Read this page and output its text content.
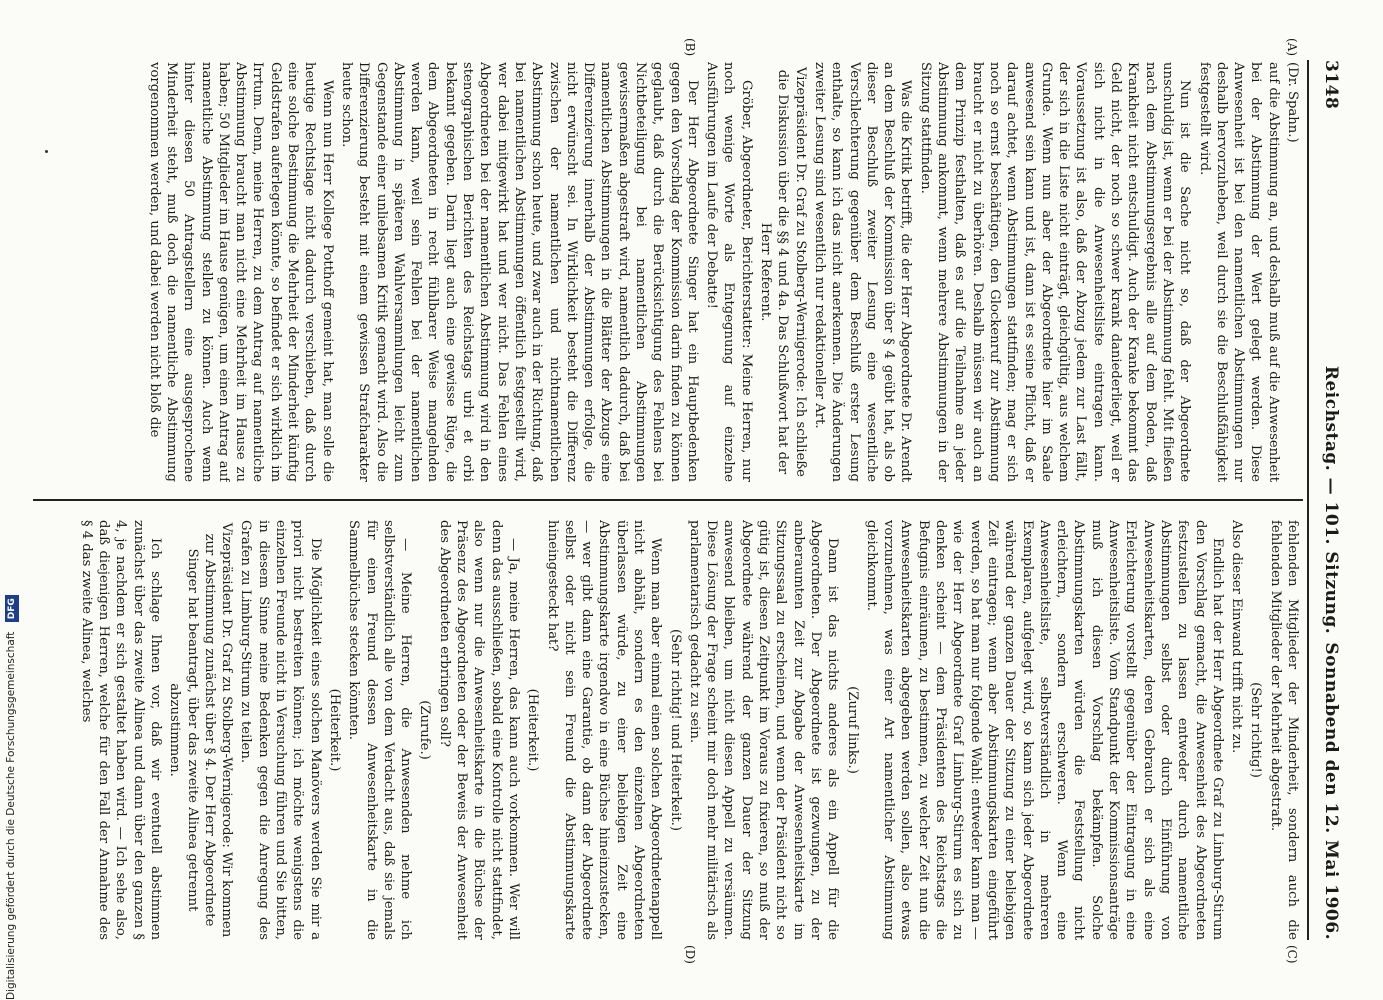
3148
Reichstag. — 101. Sitzung.
Sonnabend den 12. Mai 1906.
(A)
(B)
(C)
(D)

(Dr. Spahn.)

auf die Abstimmung an, und deshalb muß auf die Anwesenheit bei der Abstimmung der Wert gelegt werden. Diese Anwesenheit ist bei den namentlichen Abstimmungen nur deshalb hervorzuheben, weil durch sie die Beschlußfähigkeit festgestellt wird.

Nun ist die Sache nicht so, daß der Abgeordnete unschuldig ist, wenn er bei der Abstimmung fehlt. Mit fließen nach dem Abstimmungsergebnis alle auf dem Boden, daß Krankheit nicht entschuldigt. Auch der Kranke bekommt das Geld nicht, der noch so schwer krank daniederliegt, weil er sich nicht in die Anwesenheitsliste eintragen kann. Voraussetzung ist also, daß der Abzug jedem zur Last fällt, der sich in die Liste nicht einträgt, gleichgültig, aus welchem Grunde. Wenn nun aber der Abgeordnete hier im Saale anwesend sein kann und ist, dann ist es seine Pflicht, daß er darauf achtet, wenn Abstimmungen stattfinden; mag er sich noch so ernst beschäftigen, den Glockenruf zur Abstimmung braucht er nicht zu überhören. Deshalb müssen wir auch an dem Prinzip festhalten, daß es auf die Teilnahme an jeder Abstimmung ankommt, wenn mehrere Abstimmungen in der Sitzung stattfinden.

Was die Kritik betrifft, die der Herr Abgeordnete Dr. Arendt an dem Beschluß der Kommission über § 4 geübt hat, als ob dieser Beschluß zweiter Lesung eine wesentliche Verschlechterung gegenüber dem Beschluß erster Lesung enthalte, so kann ich das nicht anerkennen. Die Änderungen zweiter Lesung sind wesentlich nur redaktioneller Art.

Vizepräsident Dr. Graf zu Stolberg-Wernigerode: Ich schließe die Diskussion über die §§ 4 und 4a. Das Schlußwort hat der Herr Referent.

Gröber, Abgeordneter, Berichterstatter: Meine Herren, nur noch wenige Worte als Entgegnung auf einzelne Ausführungen im Laufe der Debatte!

Der Herr Abgeordnete Singer hat ein Hauptbedenken gegen den Vorschlag der Kommission darin finden zu können geglaubt, daß durch die Berücksichtigung des Fehlens bei Nichtbeteiligung bei namentlichen Abstimmungen gewissermaßen abgestraft wird, namentlich dadurch, daß bei namentlichen Abstimmungen in die Blätter der Abzugs eine Differenzierung innerhalb der Abstimmungen erfolge, die nicht erwünscht sei. In Wirklichkeit besteht die Differenz zwischen der namentlichen und nichtnamentlichen Abstimmung schon heute, und zwar auch in der Richtung, daß bei namentlichen Abstimmungen öffentlich festgestellt wird, wer dabei mitgewirkt hat und wer nicht. Das Fehlen eines Abgeordneten bei der namentlichen Abstimmung wird in den stenographischen Berichten des Reichstags urbi et orbi bekannt gegeben. Darin liegt auch eine gewisse Rüge, die dem Abgeordneten in recht fühlbarer Weise mangelnden werden kann, weil sein Fehlen bei der namentlichen Abstimmung in späteren Wahlversammlungen leicht zum Gegenstande einer unliebsamen Kritik gemacht wird. Also die Differenzierung besteht mit einem gewissen Strafcharakter heute schon.

Wenn nun Herr Kollege Potthoff gemeint hat, man solle die heutige Rechtslage nicht dadurch verschieben, daß durch eine solche Bestimmung die Mehrheit der Minderheit künftig Geldstrafen auferlegen könnte, so befindet er sich wirklich im Irrtum. Denn, meine Herren, zu dem Antrag auf namentliche Abstimmung braucht man nicht eine Mehrheit im Hause zu haben; 50 Mitglieder im Hause genügen, um einen Antrag auf namentliche Abstimmung stellen zu können. Auch wenn hinter diesen 50 Antragstellern eine ausgesprochene Minderheit steht, muß doch die namentliche Abstimmung vorgenommen werden, und dabei werden nicht bloß die

fehlenden Mitglieder der Minderheit, sondern auch die fehlenden Mitglieder der Mehrheit abgestraft.

(Sehr richtig!)

Also dieser Einwand trifft nicht zu.

Endlich hat der Herr Abgeordnete Graf zu Limburg-Stirum den Vorschlag gemacht, die Anwesenheit des Abgeordneten festzustellen zu lassen entweder durch namentliche Abstimmungen selbst oder durch Einführung von Anwesenheitskarten, deren Gebrauch er sich als eine Erleichterung vorstellt gegenüber der Eintragung in eine Anwesenheitsliste. Vom Standpunkt der Kommissionsanträge muß ich diesen Vorschlag bekämpfen. Solche Abstimmungskarten würden die Feststellung nicht erleichtern, sondern erschweren. Wenn eine Anwesenheitsliste, selbstverständlich in mehreren Exemplaren, aufgelegt wird, so kann sich jeder Abgeordnete während der ganzen Dauer der Sitzung zu einer beliebigen Zeit eintragen; wenn aber Abstimmungskarten eingeführt werden, so hat man nur folgende Wahl: entweder kann man — wie der Herr Abgeordnete Graf Limburg-Stirum es sich zu denken scheint — dem Präsidenten des Reichstags die Befugnis einräumen, zu bestimmen, zu welcher Zeit nun die Anwesenheitskarten abgegeben werden sollen, also etwas vorzunehmen, was einer Art namentlicher Abstimmung gleichkommt.

(Zuruf links.)

Dann ist das nichts anderes als ein Appell für die Abgeordneten. Der Abgeordnete ist gezwungen, zu der anberaumten Zeit zur Abgabe der Anwesenheitskarte im Sitzungssaal zu erscheinen, und wenn der Präsident nicht so gütig ist, diesen Zeitpunkt im Voraus zu fixieren, so muß der Abgeordnete während der ganzen Dauer der Sitzung anwesend bleiben, um nicht diesen Appell zu versäumen. Diese Lösung der Frage scheint mir doch mehr militärisch als parlamentarisch gedacht zu sein.

(Sehr richtig! und Heiterkeit.)

Wenn man aber einmal einen solchen Abgeordnetenappell nicht abhält, sondern es den einzelnen Abgeordneten überlassen würde, zu einer beliebigen Zeit eine Abstimmungskarte irgendwo in eine Büchse hineinzustecken, — wer gibt dann eine Garantie, ob dann der Abgeordnete selbst oder nicht sein Freund die Abstimmungskarte hineingesteckt hat?

(Heiterkeit.)

— Ja, meine Herren, das kann auch vorkommen. Wer will denn das ausschließen, sobald eine Kontrolle nicht stattfindet, also wenn nur die Anwesenheitskarte in die Büchse der Präsenz des Abgeordneten oder der Beweis der Anwesenheit des Abgeordneten erbringen soll?

(Zurufe.)

— Meine Herren, die Anwesenden nehme ich selbstverständlich alle von dem Verdacht aus, daß sie jemals für einen Freund dessen Anwesenheitskarte in die Sammelbüchse stecken könnten.

(Heiterkeit.)

Die Möglichkeit eines solchen Manövers werden Sie mir a priori nicht bestreiten können; ich möchte wenigstens die einzelnen Freunde nicht in Versuchung führen und Sie bitten, in diesem Sinne meine Bedenken gegen die Anregung des Grafen zu Limburg-Stirum zu teilen.

Vizepräsident Dr. Graf zu Stolberg-Wernigerode: Wir kommen zur Abstimmung zunächst über § 4. Der Herr Abgeordnete Singer hat beantragt, über das zweite Alinea getrennt abzustimmen.

Ich schlage Ihnen vor, daß wir eventuell abstimmen zunächst über das zweite Alinea und dann über den ganzen § 4, je nachdem er sich gestaltet haben wird. — Ich sehe also, daß diejenigen Herren, welche für den Fall der Annahme des § 4 das zweite Alinea, welches

Digitalisierung gefördert durch die Deutsche Forschungsgemeinschaft DFG
